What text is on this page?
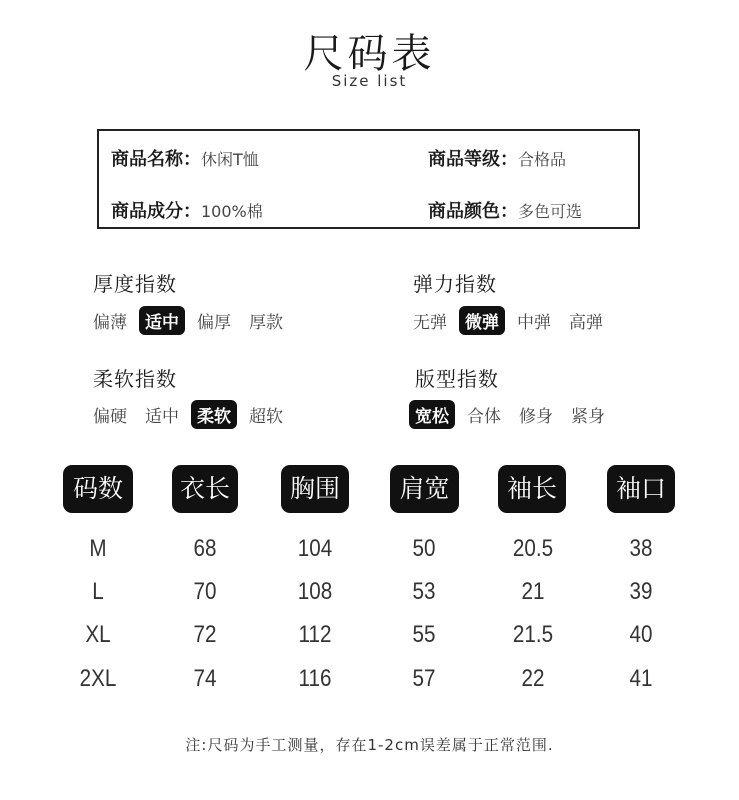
尺码表
Size list
商品名称：休闲T恤	商品等级：合格品
商品成分：100%棉	商品颜色：多色可选
厚度指数
偏薄	适中	偏厚 厚款
弹力指数
无弹	微弹	中弹 高弹
柔软指数
偏硬 适中	柔软	超软
版型指数
宽松	合体 修身 紧身
码数	衣长	胸围	肩宽	袖长	袖口
M	68	104	50	20.5	38
L	70	108	53	21	39
XL	72	112	55	21.5	40
2XL	74	116	57	22	41
注:尺码为手工测量，存在1-2cm误差属于正常范围.
